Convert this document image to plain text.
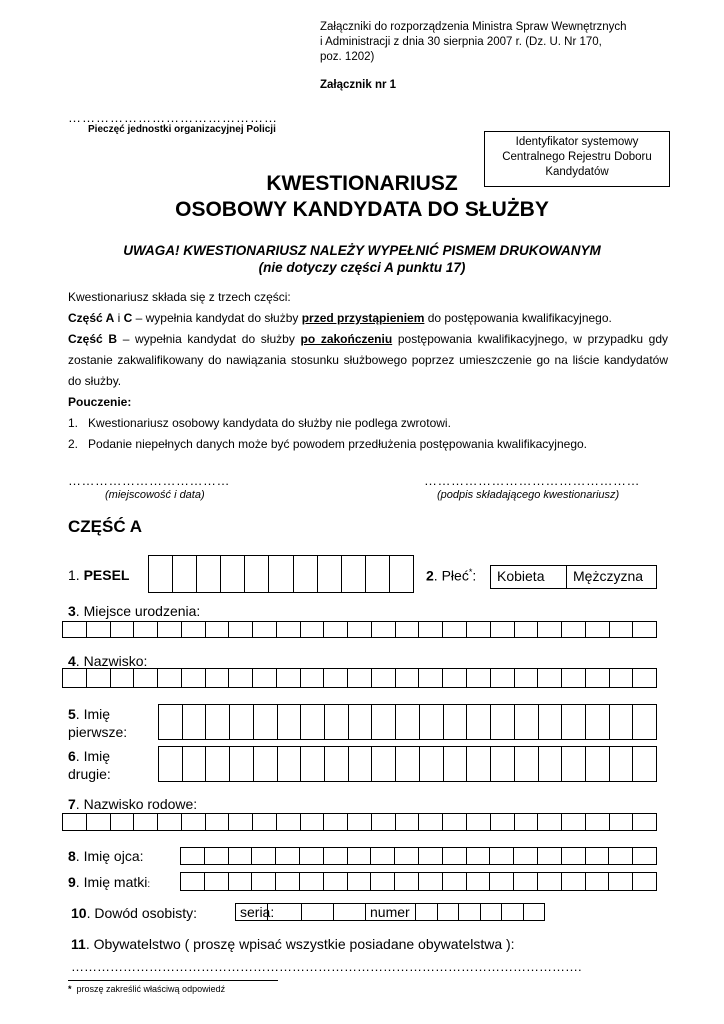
Załączniki do rozporządzenia Ministra Spraw Wewnętrznych
i Administracji z dnia 30 sierpnia 2007 r. (Dz. U. Nr 170,
poz. 1202)
Załącznik nr 1
………………………………………
Pieczęć jednostki organizacyjnej Policji
Identyfikator systemowy
Centralnego Rejestru Doboru
Kandydatów
KWESTIONARIUSZ
OSOBOWY KANDYDATA DO SŁUŻBY
UWAGA! KWESTIONARIUSZ NALEŻY WYPEŁNIĆ PISMEM DRUKOWANYM
(nie dotyczy części A punktu 17)
Kwestionariusz składa się z trzech części:
Część A i C – wypełnia kandydat do służby przed przystąpieniem do postępowania kwalifikacyjnego.
Część B – wypełnia kandydat do służby po zakończeniu postępowania kwalifikacyjnego, w przypadku gdy zostanie zakwalifikowany do nawiązania stosunku służbowego poprzez umieszczenie go na liście kandydatów do służby.
Pouczenie:
1. Kwestionariusz osobowy kandydata do służby nie podlega zwrotowi.
2. Podanie niepełnych danych może być powodem przedłużenia postępowania kwalifikacyjnego.
………………………………
(miejscowość i data)
…………………………………………
(podpis składającego kwestionariusz)
CZĘŚĆ A
1. PESEL	2. Płeć*:	Kobieta	Mężczyzna
3. Miejsce urodzenia:
4. Nazwisko:
5. Imię
pierwsze:
6. Imię
drugie:
7. Nazwisko rodowe:
8. Imię ojca:
9. Imię matki:
10. Dowód osobisty:	seria:	numer
11. Obywatelstwo ( proszę wpisać wszystkie posiadane obywatelstwa ):
……………………………………………………………………………………………………….
* proszę zakreślić właściwą odpowiedź
